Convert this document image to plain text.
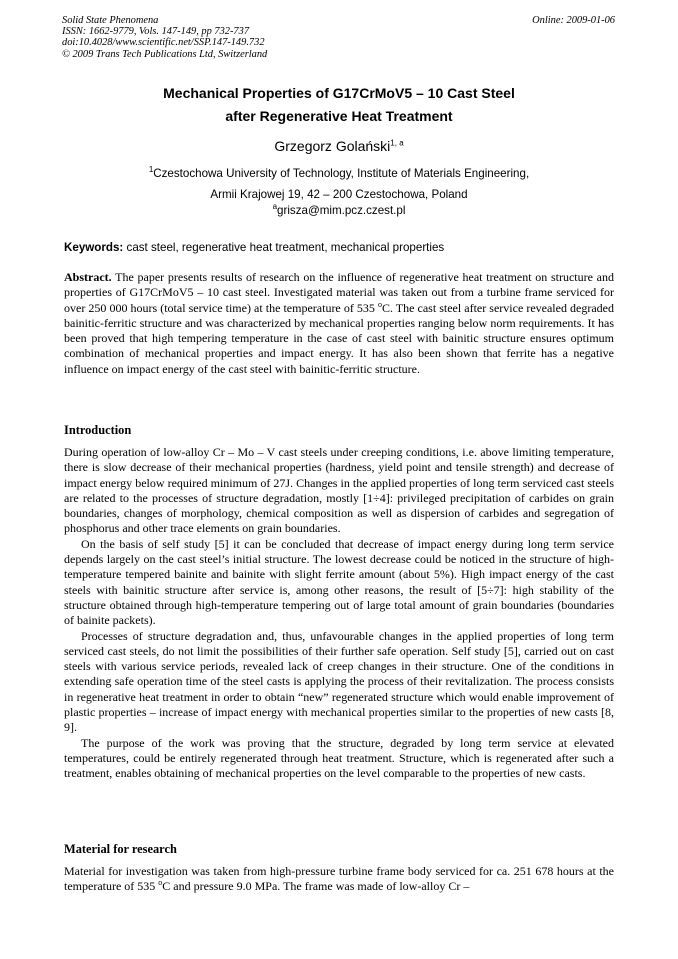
Solid State Phenomena
ISSN: 1662-9779, Vols. 147-149, pp 732-737
doi:10.4028/www.scientific.net/SSP.147-149.732
© 2009 Trans Tech Publications Ltd, Switzerland
Online: 2009-01-06
Mechanical Properties of G17CrMoV5 – 10 Cast Steel
after Regenerative Heat Treatment
Grzegorz Golański$^{1, a}$
$^1$Czestochowa University of Technology, Institute of Materials Engineering,
Armii Krajowej 19, 42 – 200 Czestochowa, Poland
$^a$grisza@mim.pcz.czest.pl
Keywords: cast steel, regenerative heat treatment, mechanical properties

Abstract. The paper presents results of research on the influence of regenerative heat treatment on structure and properties of G17CrMoV5 – 10 cast steel. Investigated material was taken out from a turbine frame serviced for over 250 000 hours (total service time) at the temperature of 535 $^o$C. The cast steel after service revealed degraded bainitic-ferritic structure and was characterized by mechanical properties ranging below norm requirements. It has been proved that high tempering temperature in the case of cast steel with bainitic structure ensures optimum combination of mechanical properties and impact energy. It has also been shown that ferrite has a negative influence on impact energy of the cast steel with bainitic-ferritic structure.

Introduction

During operation of low-alloy Cr – Mo – V cast steels under creeping conditions, i.e. above limiting temperature, there is slow decrease of their mechanical properties (hardness, yield point and tensile strength) and decrease of impact energy below required minimum of 27J. Changes in the applied properties of long term serviced cast steels are related to the processes of structure degradation, mostly [1÷4]: privileged precipitation of carbides on grain boundaries, changes of morphology, chemical composition as well as dispersion of carbides and segregation of phosphorus and other trace elements on grain boundaries.

On the basis of self study [5] it can be concluded that decrease of impact energy during long term service depends largely on the cast steel’s initial structure. The lowest decrease could be noticed in the structure of high-temperature tempered bainite and bainite with slight ferrite amount (about 5%). High impact energy of the cast steels with bainitic structure after service is, among other reasons, the result of [5÷7]: high stability of the structure obtained through high-temperature tempering out of large total amount of grain boundaries (boundaries of bainite packets).

Processes of structure degradation and, thus, unfavourable changes in the applied properties of long term serviced cast steels, do not limit the possibilities of their further safe operation. Self study [5], carried out on cast steels with various service periods, revealed lack of creep changes in their structure. One of the conditions in extending safe operation time of the steel casts is applying the process of their revitalization. The process consists in regenerative heat treatment in order to obtain “new” regenerated structure which would enable improvement of plastic properties – increase of impact energy with mechanical properties similar to the properties of new casts [8, 9].

The purpose of the work was proving that the structure, degraded by long term service at elevated temperatures, could be entirely regenerated through heat treatment. Structure, which is regenerated after such a treatment, enables obtaining of mechanical properties on the level comparable to the properties of new casts.

Material for research

Material for investigation was taken from high-pressure turbine frame body serviced for ca. 251 678 hours at the temperature of 535 $^o$C and pressure 9.0 MPa. The frame was made of low-alloy Cr –
